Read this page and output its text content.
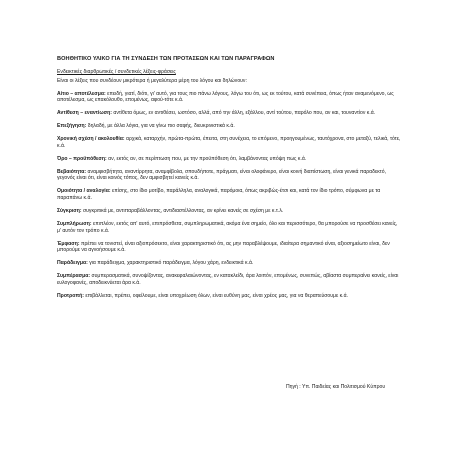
ΒΟΗΘΗΤΙΚΟ ΥΛΙΚΟ ΓΙΑ ΤΗ ΣΥΝΔΕΣΗ ΤΩΝ ΠΡΟΤΑΣΕΩΝ ΚΑΙ ΤΩΝ ΠΑΡΑΓΡΑΦΩΝ
Ενδεικτικές διαρθρωτικές / συνδετικές λέξεις-φράσεις
Είναι οι λέξεις που συνδέουν μικρότερα ή μεγαλύτερα μέρη του λόγου και δηλώνουν:
Αίτιο – αποτέλεσμα: επειδή, γιατί, διότι, γι' αυτό, για τους πιο πάνω λόγους, λόγω του ότι, ως εκ τούτου, κατά συνέπεια, όπως ήταν αναμενόμενο, ως αποτέλεσμα, ως επακόλουθο, επομένως, αφού-τότε κ.ά.
Αντίθεση – εναντίωση: αντίθετα όμως, εν αντιθέσει, ωστόσο, αλλά, από την άλλη, εξάλλου, αντί τούτου, παρόλο που, αν και, τουναντίον κ.ά.
Επεξήγηση: δηλαδή, με άλλα λόγια, για να γίνω πιο σαφής, διευκρινιστικά κ.ά.
Χρονική σχέση / ακολουθία: αρχικά, καταρχήν, πρώτα-πρώτα, έπειτα, στη συνέχεια, το επόμενο, προηγουμένως, ταυτόχρονα, στο μεταξύ, τελικά, τότε, κ.ά.
Όρο – προϋπόθεση: αν, εκτός αν, σε περίπτωση που, με την προϋπόθεση ότι, λαμβάνοντας υπόψη πως κ.ά.
Βεβαιότητα: αναμφισβήτητα, αναντίρρητα, αναμφίβολα, σπουδήποτε, πράγματι, είναι ολοφάνερο, είναι κοινή διαπίστωση, είναι γενικά παραδεκτό, γεγονός είναι ότι, είναι κοινός τόπος, δεν αμφισβητεί κανείς κ.ά.
Ομοιότητα / αναλογία: επίσης, στο ίδιο μοτίβο, παράλληλα, αναλογικά, παρόμοια, όπως ακριβώς-έτσι και, κατά τον ίδιο τρόπο, σύμφωνα με τα παραπάνω κ.ά.
Σύγκριση: συγκριτικά με, αντιπαραβάλλοντας, αντιδιαστέλλοντας, αν κρίνει κανείς σε σχέση με κ.τ.λ.
Συμπλήρωση: επιπλέον, εκτός απ' αυτό, επιπρόσθετα, συμπληρωματικά, ακόμα ένα σημείο, όλο και περισσότερο, θα μπορούσε να προσθέσει κανείς, μ' αυτόν τον τρόπο κ.ά.
Έμφαση: πρέπει να τονιστεί, είναι αξιοπρόσεκτο, είναι χαρακτηριστικό ότι, ας μην παραβλέψουμε, ιδιαίτερα σημαντικό είναι, αξιοσημείωτο είναι, δεν μπορούμε να αγνοήσουμε κ.ά.
Παράδειγμα: για παράδειγμα, χαρακτηριστικό παράδειγμα, λόγου χάρη, ενδεικτικά κ.ά.
Συμπέρασμα: συμπερασματικά, συνοψίζοντας, ανακεφαλαιώνοντας, εν κατακλείδι, άρα λοιπόν, επομένως, συνεπώς, αβίαστα συμπεραίνει κανείς, είναι ευλογοφανές, αποδεικνύεται άρα κ.ά.
Προτροπή: επιβάλλεται, πρέπει, οφείλουμε, είναι υποχρέωση όλων, είναι ευθύνη μας, είναι χρέος μας, για να θεραπεύσουμε κ.ά.
Πηγή : Υπ. Παιδείας και Πολιτισμού Κύπρου
